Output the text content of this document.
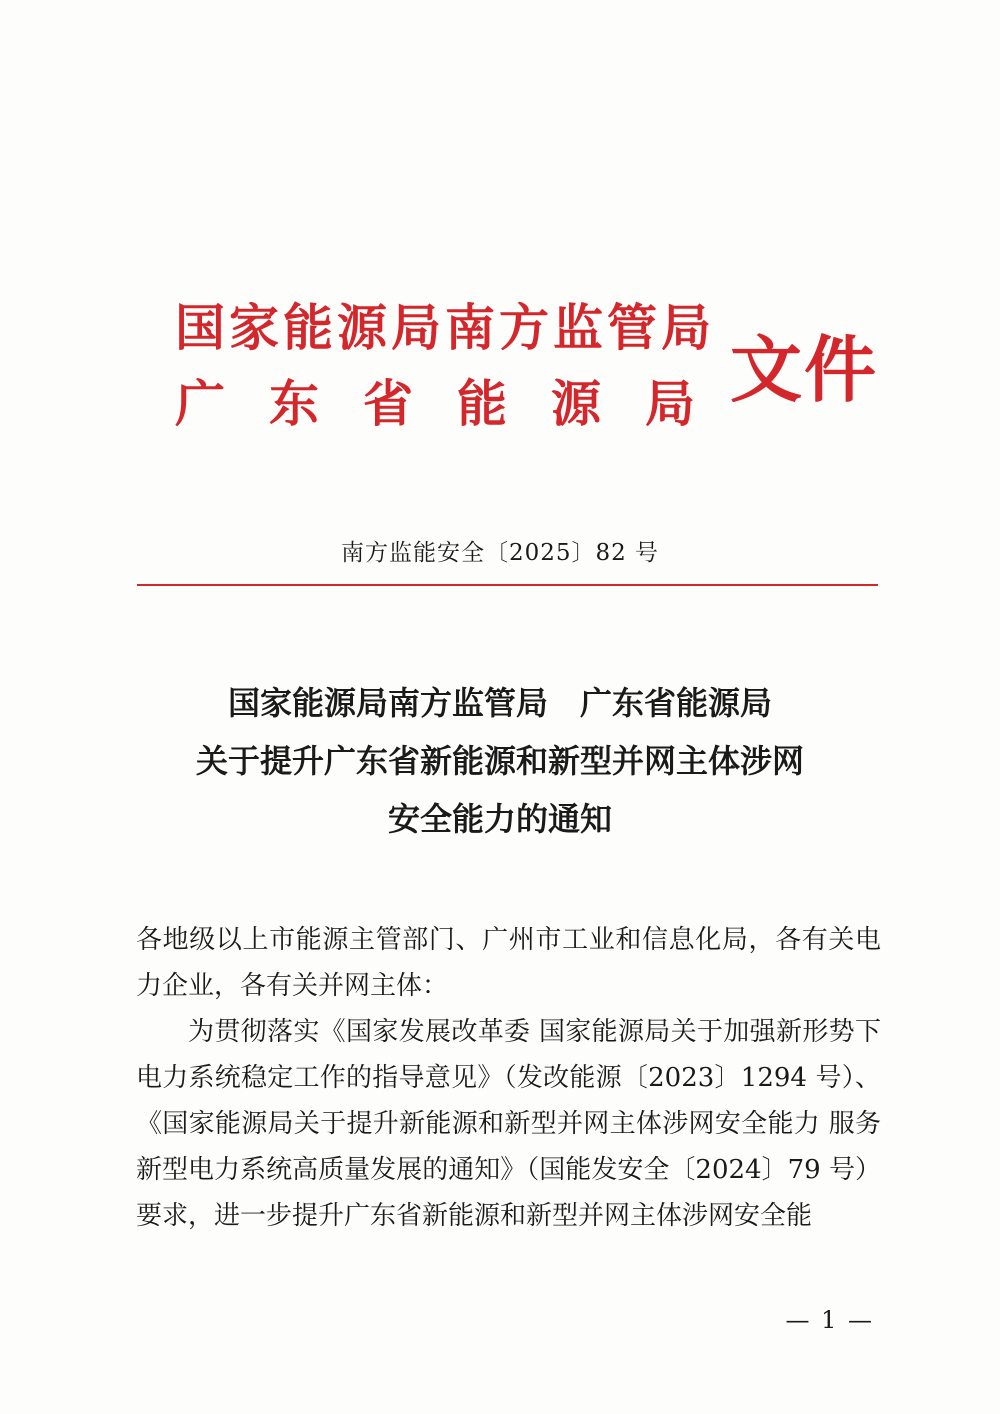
国家能源局南方监管局
广东省能源局
文件
南方监能安全〔2025〕82 号
国家能源局南方监管局　广东省能源局
关于提升广东省新能源和新型并网主体涉网
安全能力的通知

各地级以上市能源主管部门、广州市工业和信息化局，各有关电力企业，各有关并网主体：

为贯彻落实《国家发展改革委 国家能源局关于加强新形势下电力系统稳定工作的指导意见》（发改能源〔2023〕1294 号）、《国家能源局关于提升新能源和新型并网主体涉网安全能力 服务新型电力系统高质量发展的通知》（国能发安全〔2024〕79 号）要求，进一步提升广东省新能源和新型并网主体涉网安全能

— 1 —
